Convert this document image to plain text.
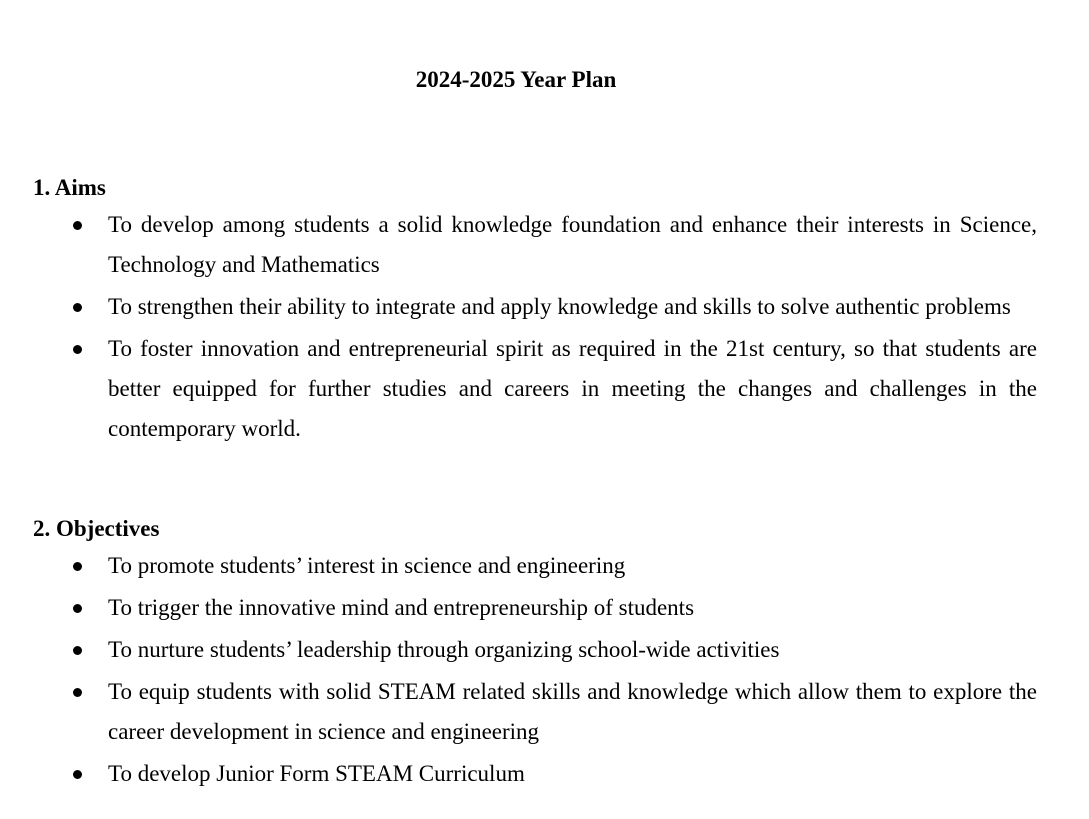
2024-2025 Year Plan
1. Aims
To develop among students a solid knowledge foundation and enhance their interests in Science, Technology and Mathematics
To strengthen their ability to integrate and apply knowledge and skills to solve authentic problems
To foster innovation and entrepreneurial spirit as required in the 21st century, so that students are better equipped for further studies and careers in meeting the changes and challenges in the contemporary world.
2. Objectives
To promote students’ interest in science and engineering
To trigger the innovative mind and entrepreneurship of students
To nurture students’ leadership through organizing school-wide activities
To equip students with solid STEAM related skills and knowledge which allow them to explore the career development in science and engineering
To develop Junior Form STEAM Curriculum
